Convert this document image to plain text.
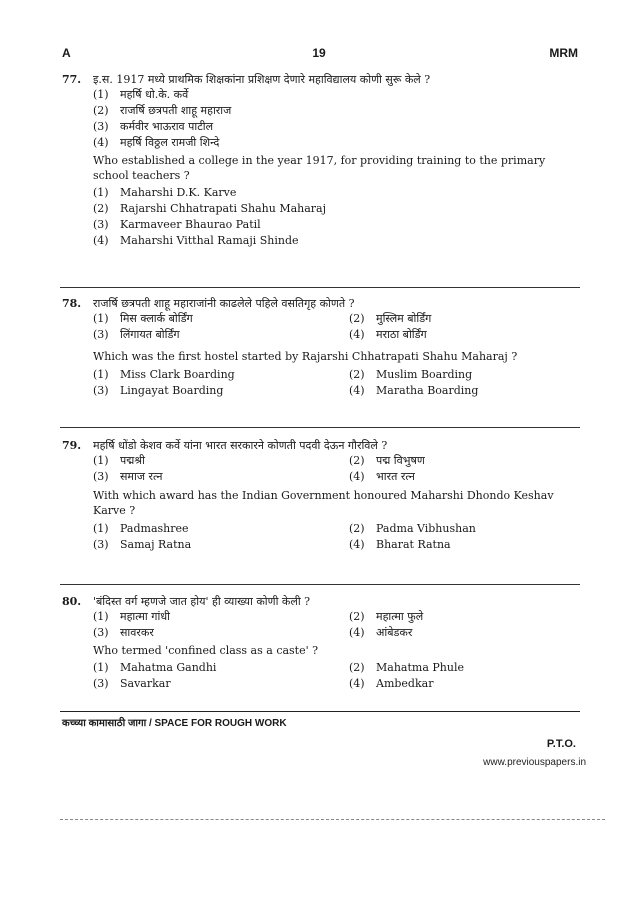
A	19	MRM
77. इ.स. 1917 मध्ये प्राथमिक शिक्षकांना प्रशिक्षण देणारे महाविद्यालय कोणी सुरू केले ?
(1) महर्षि धो.के. कर्वे
(2) राजर्षि छत्रपती शाहू महाराज
(3) कर्मवीर भाऊराव पाटील
(4) महर्षि विठ्ठल रामजी शिन्दे
Who established a college in the year 1917, for providing training to the primary school teachers ?
(1) Maharshi D.K. Karve
(2) Rajarshi Chhatrapati Shahu Maharaj
(3) Karmaveer Bhaurao Patil
(4) Maharshi Vitthal Ramaji Shinde
78. राजर्षि छत्रपती शाहू महाराजांनी काढलेले पहिले वसतिगृह कोणते ?
(1) मिस क्लार्क बोर्डिंग	(2) मुस्लिम बोर्डिंग
(3) लिंगायत बोर्डिंग	(4) मराठा बोर्डिंग
Which was the first hostel started by Rajarshi Chhatrapati Shahu Maharaj ?
(1) Miss Clark Boarding	(2) Muslim Boarding
(3) Lingayat Boarding	(4) Maratha Boarding
79. महर्षि धोंडो केशव कर्वे यांना भारत सरकारने कोणती पदवी देऊन गौरविले ?
(1) पद्मश्री	(2) पद्म विभुषण
(3) समाज रत्न	(4) भारत रत्न
With which award has the Indian Government honoured Maharshi Dhondo Keshav Karve ?
(1) Padmashree	(2) Padma Vibhushan
(3) Samaj Ratna	(4) Bharat Ratna
80. 'बंदिस्त वर्ग म्हणजे जात होय' ही व्याख्या कोणी केली ?
(1) महात्मा गांधी	(2) महात्मा फुले
(3) सावरकर	(4) आंबेडकर
Who termed 'confined class as a caste' ?
(1) Mahatma Gandhi	(2) Mahatma Phule
(3) Savarkar	(4) Ambedkar
कच्च्या कामासाठी जागा / SPACE FOR ROUGH WORK
P.T.O.
www.previouspapers.in
